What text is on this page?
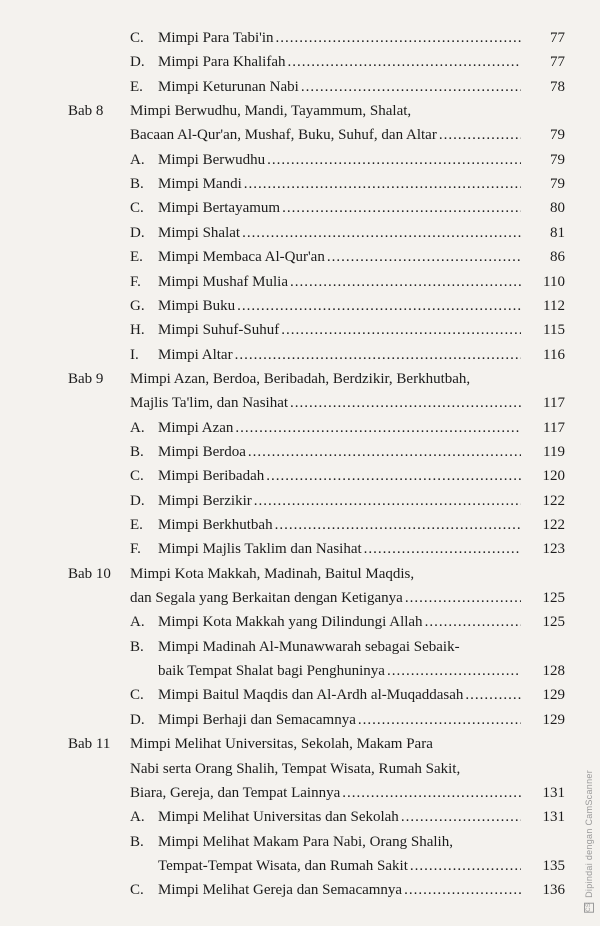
C. Mimpi Para Tabi'in .....	77
D. Mimpi Para Khalifah .....	77
E. Mimpi Keturunan Nabi .....	78
Bab 8 Mimpi Berwudhu, Mandi, Tayammum, Shalat,
Bacaan Al-Qur'an, Mushaf, Buku, Suhuf, dan Altar .....	79
A. Mimpi Berwudhu .....	79
B. Mimpi Mandi .....	79
C. Mimpi Bertayamum .....	80
D. Mimpi Shalat .....	81
E. Mimpi Membaca Al-Qur'an .....	86
F. Mimpi Mushaf Mulia .....	110
G. Mimpi Buku .....	112
H. Mimpi Suhuf-Suhuf .....	115
I. Mimpi Altar .....	116
Bab 9 Mimpi Azan, Berdoa, Beribadah, Berdzikir, Berkhutbah,
Majlis Ta'lim, dan Nasihat .....	117
A. Mimpi Azan .....	117
B. Mimpi Berdoa .....	119
C. Mimpi Beribadah .....	120
D. Mimpi Berzikir .....	122
E. Mimpi Berkhutbah .....	122
F. Mimpi Majlis Taklim dan Nasihat .....	123
Bab 10 Mimpi Kota Makkah, Madinah, Baitul Maqdis,
dan Segala yang Berkaitan dengan Ketiganya .....	125
A. Mimpi Kota Makkah yang Dilindungi Allah .....	125
B. Mimpi Madinah Al-Munawwarah sebagai Sebaik-
baik Tempat Shalat bagi Penghuninya .....	128
C. Mimpi Baitul Maqdis dan Al-Ardh al-Muqaddasah .....	129
D. Mimpi Berhaji dan Semacamnya .....	129
Bab 11 Mimpi Melihat Universitas, Sekolah, Makam Para
Nabi serta Orang Shalih, Tempat Wisata, Rumah Sakit,
Biara, Gereja, dan Tempat Lainnya .....	131
A. Mimpi Melihat Universitas dan Sekolah .....	131
B. Mimpi Melihat Makam Para Nabi, Orang Shalih,
Tempat-Tempat Wisata, dan Rumah Sakit .....	135
C. Mimpi Melihat Gereja dan Semacamnya .....	136
CS Dipindai dengan CamScanner
